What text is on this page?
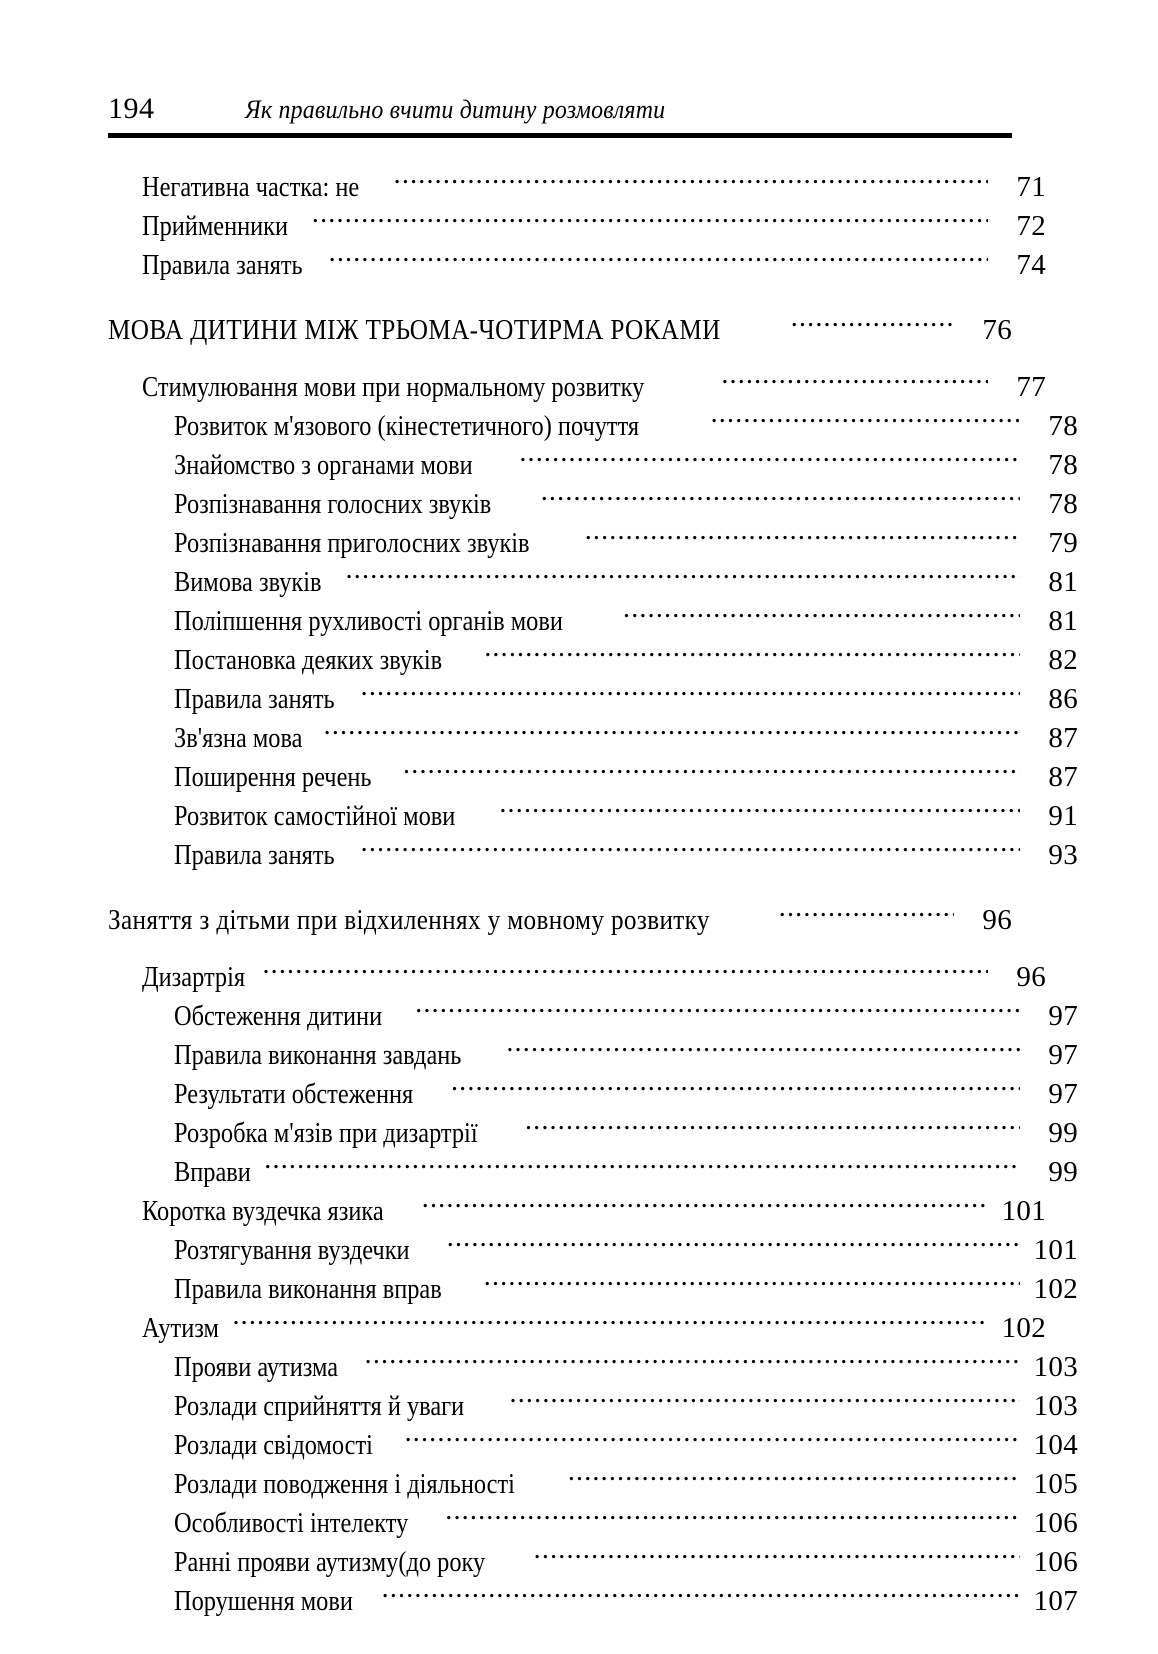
194	Як правильно вчити дитину розмовляти
Негативна частка: не .....	71
Прийменники .....	72
Правила занять .....	74
МОВА ДИТИНИ МІЖ ТРЬОМА-ЧОТИРМА РОКАМИ .....	76
Стимулювання мови при нормальному розвитку .....	77
Розвиток м'язового (кінестетичного) почуття .....	78
Знайомство з органами мови .....	78
Розпізнавання голосних звуків .....	78
Розпізнавання приголосних звуків .....	79
Вимова звуків .....	81
Поліпшення рухливості органів мови .....	81
Постановка деяких звуків .....	82
Правила занять .....	86
Зв'язна мова .....	87
Поширення речень .....	87
Розвиток самостійної мови .....	91
Правила занять .....	93
Заняття з дітьми при відхиленнях у мовному розвитку .....	96
Дизартрія .....	96
Обстеження дитини .....	97
Правила виконання завдань .....	97
Результати обстеження .....	97
Розробка м'язів при дизартрії .....	99
Вправи .....	99
Коротка вуздечка язика .....	101
Розтягування вуздечки .....	101
Правила виконання вправ .....	102
Аутизм .....	102
Прояви аутизма .....	103
Розлади сприйняття й уваги .....	103
Розлади свідомості .....	104
Розлади поводження і діяльності .....	105
Особливості інтелекту .....	106
Ранні прояви аутизму(до року .....	106
Порушення мови .....	107
